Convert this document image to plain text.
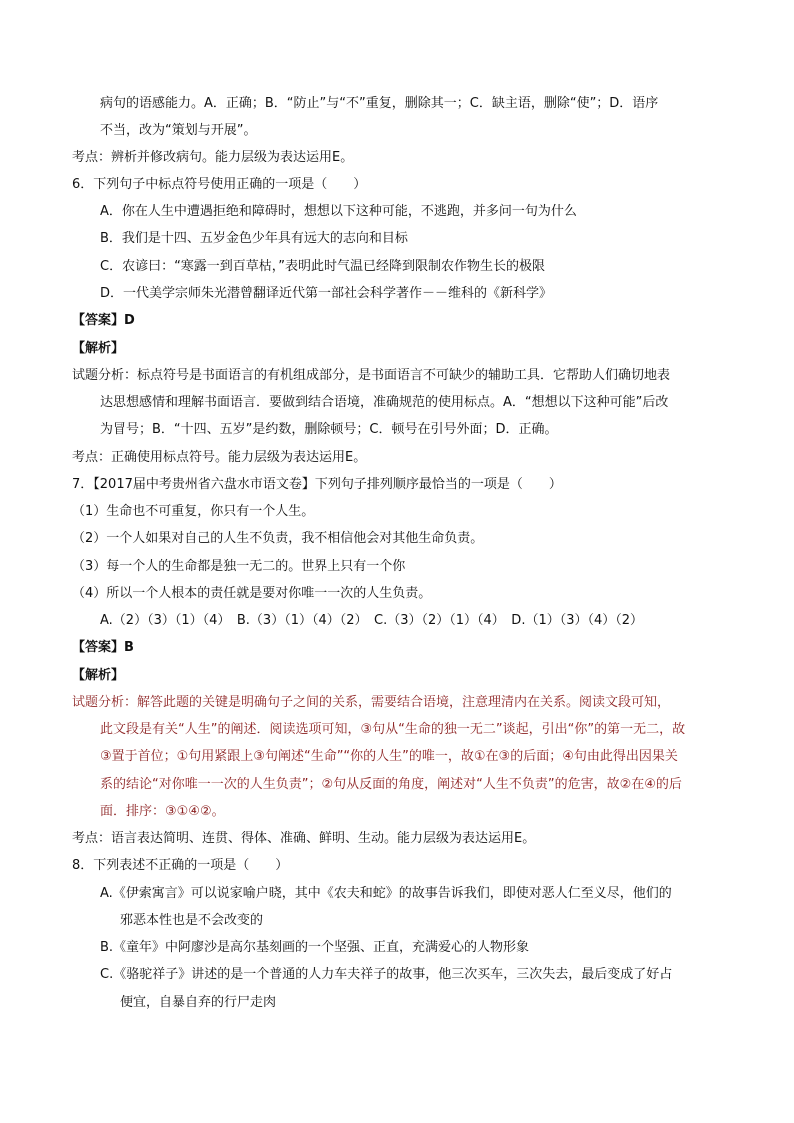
病句的语感能力。A．正确；B．“防止”与“不”重复，删除其一；C．缺主语，删除“使”；D．语序
不当，改为“策划与开展”。
考点：辨析并修改病句。能力层级为表达运用E。
6．下列句子中标点符号使用正确的一项是（　　）
A．你在人生中遭遇拒绝和障碍时，想想以下这种可能，不逃跑，并多问一句为什么
B．我们是十四、五岁金色少年具有远大的志向和目标
C．农谚曰：“寒露一到百草枯，”表明此时气温已经降到限制农作物生长的极限
D．一代美学宗师朱光潜曾翻译近代第一部社会科学著作－－维科的《新科学》
【答案】D
【解析】
试题分析：标点符号是书面语言的有机组成部分，是书面语言不可缺少的辅助工具．它帮助人们确切地表
达思想感情和理解书面语言．要做到结合语境，准确规范的使用标点。A．“想想以下这种可能”后改
为冒号；B．“十四、五岁”是约数，删除顿号；C．顿号在引号外面；D．正确。
考点：正确使用标点符号。能力层级为表达运用E。
7．【2017届中考贵州省六盘水市语文卷】下列句子排列顺序最恰当的一项是（　　）
（1）生命也不可重复，你只有一个人生。
（2）一个人如果对自己的人生不负责，我不相信他会对其他生命负责。
（3）每一个人的生命都是独一无二的。世界上只有一个你
（4）所以一个人根本的责任就是要对你唯一一次的人生负责。
A.（2）（3）（1）（4）　B.（3）（1）（4）（2）　C.（3）（2）（1）（4）　D.（1）（3）（4）（2）
【答案】B
【解析】
试题分析：解答此题的关键是明确句子之间的关系，需要结合语境，注意理清内在关系。阅读文段可知，
此文段是有关“人生”的阐述．阅读选项可知，③句从“生命的独一无二”谈起，引出“你”的第一无二，故
③置于首位；①句用紧跟上③句阐述“生命”“你的人生”的唯一，故①在③的后面；④句由此得出因果关
系的结论“对你唯一一次的人生负责”；②句从反面的角度，阐述对“人生不负责”的危害，故②在④的后
面．排序：③①④②。
考点：语言表达简明、连贯、得体、准确、鲜明、生动。能力层级为表达运用E。
8．下列表述不正确的一项是（　　）
A.《伊索寓言》可以说家喻户晓，其中《农夫和蛇》的故事告诉我们，即使对恶人仁至义尽，他们的
邪恶本性也是不会改变的
B.《童年》中阿廖沙是高尔基刻画的一个坚强、正直，充满爱心的人物形象
C.《骆驼祥子》讲述的是一个普通的人力车夫祥子的故事，他三次买车，三次失去，最后变成了好占
便宜，自暴自弃的行尸走肉
